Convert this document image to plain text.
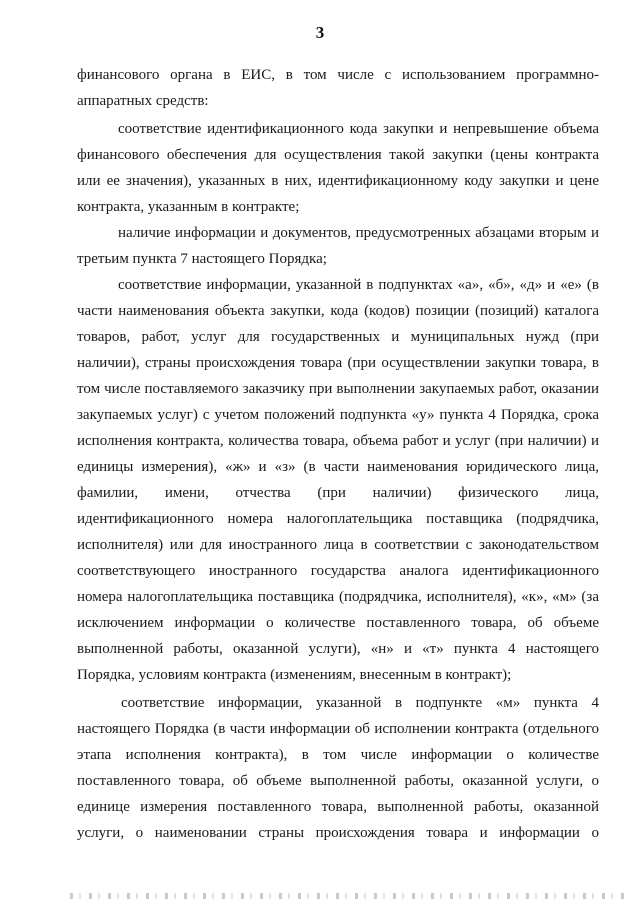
3
финансового органа в ЕИС, в том числе с использованием программно-
аппаратных средств:
соответствие идентификационного кода закупки и непревышение объема
финансового обеспечения для осуществления такой закупки (цены контракта
или ее значения), указанных в них, идентификационному коду закупки и цене
контракта, указанным в контракте;
наличие информации и документов, предусмотренных абзацами вторым и
третьим пункта 7 настоящего Порядка;
соответствие информации, указанной в подпунктах «а», «б», «д» и «е» (в
части наименования объекта закупки, кода (кодов) позиции (позиций) каталога
товаров, работ, услуг для государственных и муниципальных нужд (при
наличии), страны происхождения товара (при осуществлении закупки товара, в
том числе поставляемого заказчику при выполнении закупаемых работ, оказании
закупаемых услуг) с учетом положений подпункта «у» пункта 4 Порядка, срока
исполнения контракта, количества товара, объема работ и услуг (при наличии) и
единицы измерения), «ж» и «з» (в части наименования юридического лица,
фамилии, имени, отчества (при наличии) физического лица,
идентификационного номера налогоплательщика поставщика (подрядчика,
исполнителя) или для иностранного лица в соответствии с законодательством
соответствующего иностранного государства аналога идентификационного
номера налогоплательщика поставщика (подрядчика, исполнителя), «к», «м» (за
исключением информации о количестве поставленного товара, об объеме
выполненной работы, оказанной услуги), «н» и «т» пункта 4 настоящего
Порядка, условиям контракта (изменениям, внесенным в контракт);
соответствие информации, указанной в подпункте «м» пункта 4
настоящего Порядка (в части информации об исполнении контракта (отдельного
этапа исполнения контракта), в том числе информации о количестве
поставленного товара, об объеме выполненной работы, оказанной услуги, о
единице измерения поставленного товара, выполненной работы, оказанной
услуги, о наименовании страны происхождения товара и информации о
